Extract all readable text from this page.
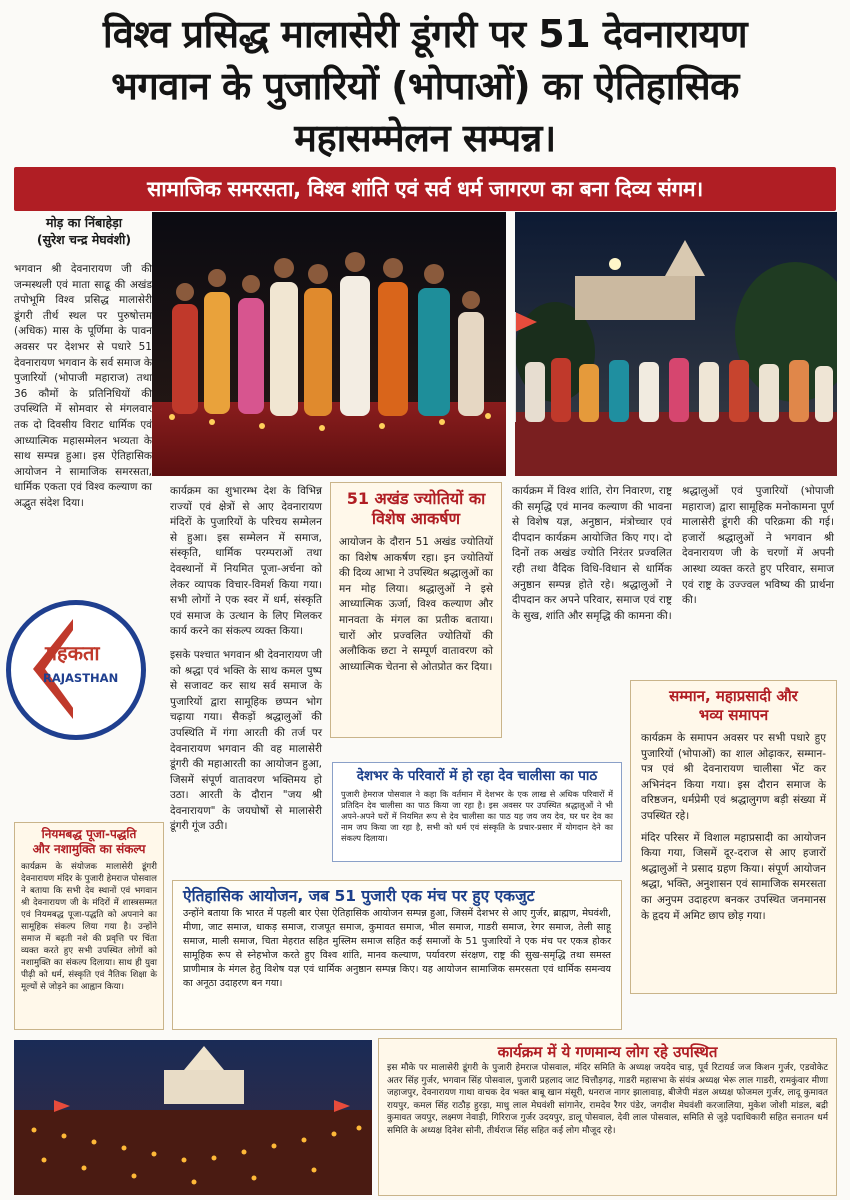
विश्व प्रसिद्ध मालासेरी डूंगरी पर 51 देवनारायण
भगवान के पुजारियों (भोपाओं) का ऐतिहासिक
महासम्मेलन सम्पन्न।
सामाजिक समरसता, विश्व शांति एवं सर्व धर्म जागरण का बना दिव्य संगम।
मोड़ का निंबाहेड़ा
(सुरेश चन्द्र मेघवंशी)
भगवान श्री देवनारायण जी की जन्मस्थली एवं माता साढू की अखंड तपोभूमि विश्व प्रसिद्ध मालासेरी डूंगरी तीर्थ स्थल पर पुरुषोत्तम (अधिक) मास के पूर्णिमा के पावन अवसर पर देशभर से पधारे 51 देवनारायण भगवान के सर्व समाज के पुजारियों (भोपाजी महाराज) तथा 36 कौमों के प्रतिनिधियों की उपस्थिति में सोमवार से मंगलवार तक दो दिवसीय विराट धार्मिक एवं आध्यात्मिक महासम्मेलन भव्यता के साथ सम्पन्न हुआ। इस ऐतिहासिक आयोजन ने सामाजिक समरसता, धार्मिक एकता एवं विश्व कल्याण का अद्भुत संदेश दिया।

कार्यक्रम का शुभारम्भ देश के विभिन्न राज्यों एवं क्षेत्रों से आए देवनारायण मंदिरों के पुजारियों के परिचय सम्मेलन से हुआ। इस सम्मेलन में समाज, संस्कृति, धार्मिक परम्पराओं तथा देवस्थानों में नियमित पूजा-अर्चना को लेकर व्यापक विचार-विमर्श किया गया। सभी लोगों ने एक स्वर में धर्म, संस्कृति एवं समाज के उत्थान के लिए मिलकर कार्य करने का संकल्प व्यक्त किया।

इसके पश्चात भगवान श्री देवनारायण जी को श्रद्धा एवं भक्ति के साथ कमल पुष्प से सजावट कर साथ सर्व समाज के पुजारियों द्वारा सामूहिक छप्पन भोग चढ़ाया गया। सैकड़ों श्रद्धालुओं की उपस्थिति में गंगा आरती की तर्ज पर देवनारायण भगवान की वह मालासेरी डूंगरी की महाआरती का आयोजन हुआ, जिसमें संपूर्ण वातावरण भक्तिमय हो उठा। आरती के दौरान "जय श्री देवनारायण" के जयघोषों से मालासेरी डूंगरी गूंज उठी।

51 अखंड ज्योतियों का विशेष आकर्षण
आयोजन के दौरान 51 अखंड ज्योतियों का विशेष आकर्षण रहा। इन ज्योतियों की दिव्य आभा ने उपस्थित श्रद्धालुओं का मन मोह लिया। श्रद्धालुओं ने इसे आध्यात्मिक ऊर्जा, विश्व कल्याण और मानवता के मंगल का प्रतीक बताया। चारों ओर प्रज्वलित ज्योतियों की अलौकिक छटा ने सम्पूर्ण वातावरण को आध्यात्मिक चेतना से ओतप्रोत कर दिया।
कार्यक्रम में विश्व शांति, रोग निवारण, राष्ट्र की समृद्धि एवं मानव कल्याण की भावना से विशेष यज्ञ, अनुष्ठान, मंत्रोच्चार एवं दीपदान कार्यक्रम आयोजित किए गए। दो दिनों तक अखंड ज्योति निरंतर प्रज्वलित रही तथा वैदिक विधि-विधान से धार्मिक अनुष्ठान सम्पन्न होते रहे। श्रद्धालुओं ने दीपदान कर अपने परिवार, समाज एवं राष्ट्र के सुख, शांति और समृद्धि की कामना की।
श्रद्धालुओं एवं पुजारियों (भोपाजी महाराज) द्वारा सामूहिक मनोकामना पूर्ण मालासेरी डूंगरी की परिक्रमा की गई। हजारों श्रद्धालुओं ने भगवान श्री देवनारायण जी के चरणों में अपनी आस्था व्यक्त करते हुए परिवार, समाज एवं राष्ट्र के उज्ज्वल भविष्य की प्रार्थना की।
महकता
RAJASTHAN
सम्मान, महाप्रसादी और
भव्य समापन

कार्यक्रम के समापन अवसर पर सभी पधारे हुए पुजारियों (भोपाओं) का शाल ओढ़ाकर, सम्मान-पत्र एवं श्री देवनारायण चालीसा भेंट कर अभिनंदन किया गया। इस दौरान समाज के वरिष्ठजन, धर्मप्रेमी एवं श्रद्धालुगण बड़ी संख्या में उपस्थित रहे।

मंदिर परिसर में विशाल महाप्रसादी का आयोजन किया गया, जिसमें दूर-दराज से आए हजारों श्रद्धालुओं ने प्रसाद ग्रहण किया। संपूर्ण आयोजन श्रद्धा, भक्ति, अनुशासन एवं सामाजिक समरसता का अनुपम उदाहरण बनकर उपस्थित जनमानस के हृदय में अमिट छाप छोड़ गया।

देशभर के परिवारों में हो रहा देव चालीसा का पाठ
पुजारी हेमराज पोसवाल ने कहा कि वर्तमान में देशभर के एक लाख से अधिक परिवारों में प्रतिदिन देव चालीसा का पाठ किया जा रहा है। इस अवसर पर उपस्थित श्रद्धालुओं ने भी अपने-अपने घरों में नियमित रूप से देव चालीसा का पाठ यह जय जय देव, घर घर देव का नाम जप किया जा रहा है, सभी को धर्म एवं संस्कृति के प्रचार-प्रसार में योगदान देने का संकल्प दिलाया।
नियमबद्ध पूजा-पद्धति
और नशामुक्ति का संकल्प
कार्यक्रम के संयोजक मालासेरी डूंगरी देवनारायण मंदिर के पुजारी हेमराज पोसवाल ने बताया कि सभी देव स्थानों एवं भगवान श्री देवनारायण जी के मंदिरों में शास्त्रसम्मत एवं नियमबद्ध पूजा-पद्धति को अपनाने का सामूहिक संकल्प लिया गया है। उन्होंने समाज में बढ़ती नशे की प्रवृत्ति पर चिंता व्यक्त करते हुए सभी उपस्थित लोगों को नशामुक्ति का संकल्प दिलाया। साथ ही युवा पीढ़ी को धर्म, संस्कृति एवं नैतिक शिक्षा के मूल्यों से जोड़ने का आह्वान किया।
ऐतिहासिक आयोजन, जब 51 पुजारी एक मंच पर हुए एकजुट
उन्होंने बताया कि भारत में पहली बार ऐसा ऐतिहासिक आयोजन सम्पन्न हुआ, जिसमें देशभर से आए गुर्जर, ब्राह्मण, मेघवंशी, मीणा, जाट समाज, धाकड़ समाज, राजपूत समाज, कुमावत समाज, भील समाज, गाडरी समाज, रेगर समाज, तेली साहू समाज, माली समाज, चिता मेहरात सहित मुस्लिम समाज सहित कई समाजों के 51 पुजारियों ने एक मंच पर एकत्र होकर सामूहिक रूप से स्नेहभोज करते हुए विश्व शांति, मानव कल्याण, पर्यावरण संरक्षण, राष्ट्र की सुख-समृद्धि तथा समस्त प्राणीमात्र के मंगल हेतु विशेष यज्ञ एवं धार्मिक अनुष्ठान सम्पन्न किए। यह आयोजन सामाजिक समरसता एवं धार्मिक समन्वय का अनूठा उदाहरण बन गया।
कार्यक्रम में ये गणमान्य लोग रहे उपस्थित
इस मौके पर मालासेरी डूंगरी के पुजारी हेमराज पोसवाल, मंदिर समिति के अध्यक्ष जयदेव चाड़, पूर्व रिटायर्ड जज किशन गुर्जर, एडवोकेट अतर सिंह गुर्जर, भगवान सिंह पोसवाल, पुजारी प्रहलाद जाट चित्तौड़गढ़, गाडरी महासभा के संयंत्र अध्यक्ष भेरू लाल गाडरी, रामकुंवार मीणा जहाजपुर, देवनारायण गाथा वाचक देव भक्त बाबू खान मंसूरी, धनराज नागर झालावाड़, बीजेपी मंडल अध्यक्ष फोजमल गुर्जर, लादू कुमावत रायपुर, कमल सिंह राठौड़ हुरड़ा, माधु लाल मेघवंशी सांगानेर, रामदेव रैगर पंडेर, जगदीश मेघवंशी करजालिया, मुकेश जोशी मांडल, बद्री कुमावत जयपुर, लक्ष्मण नेवाड़ी, गिरिराज गुर्जर उदयपुर, डालू पोसवाल, देवी लाल पोसवाल, समिति से जुड़े पदाधिकारी सहित सनातन धर्म समिति के अध्यक्ष दिनेश सोनी, तीर्थराज सिंह सहित कई लोग मौजूद रहे।
